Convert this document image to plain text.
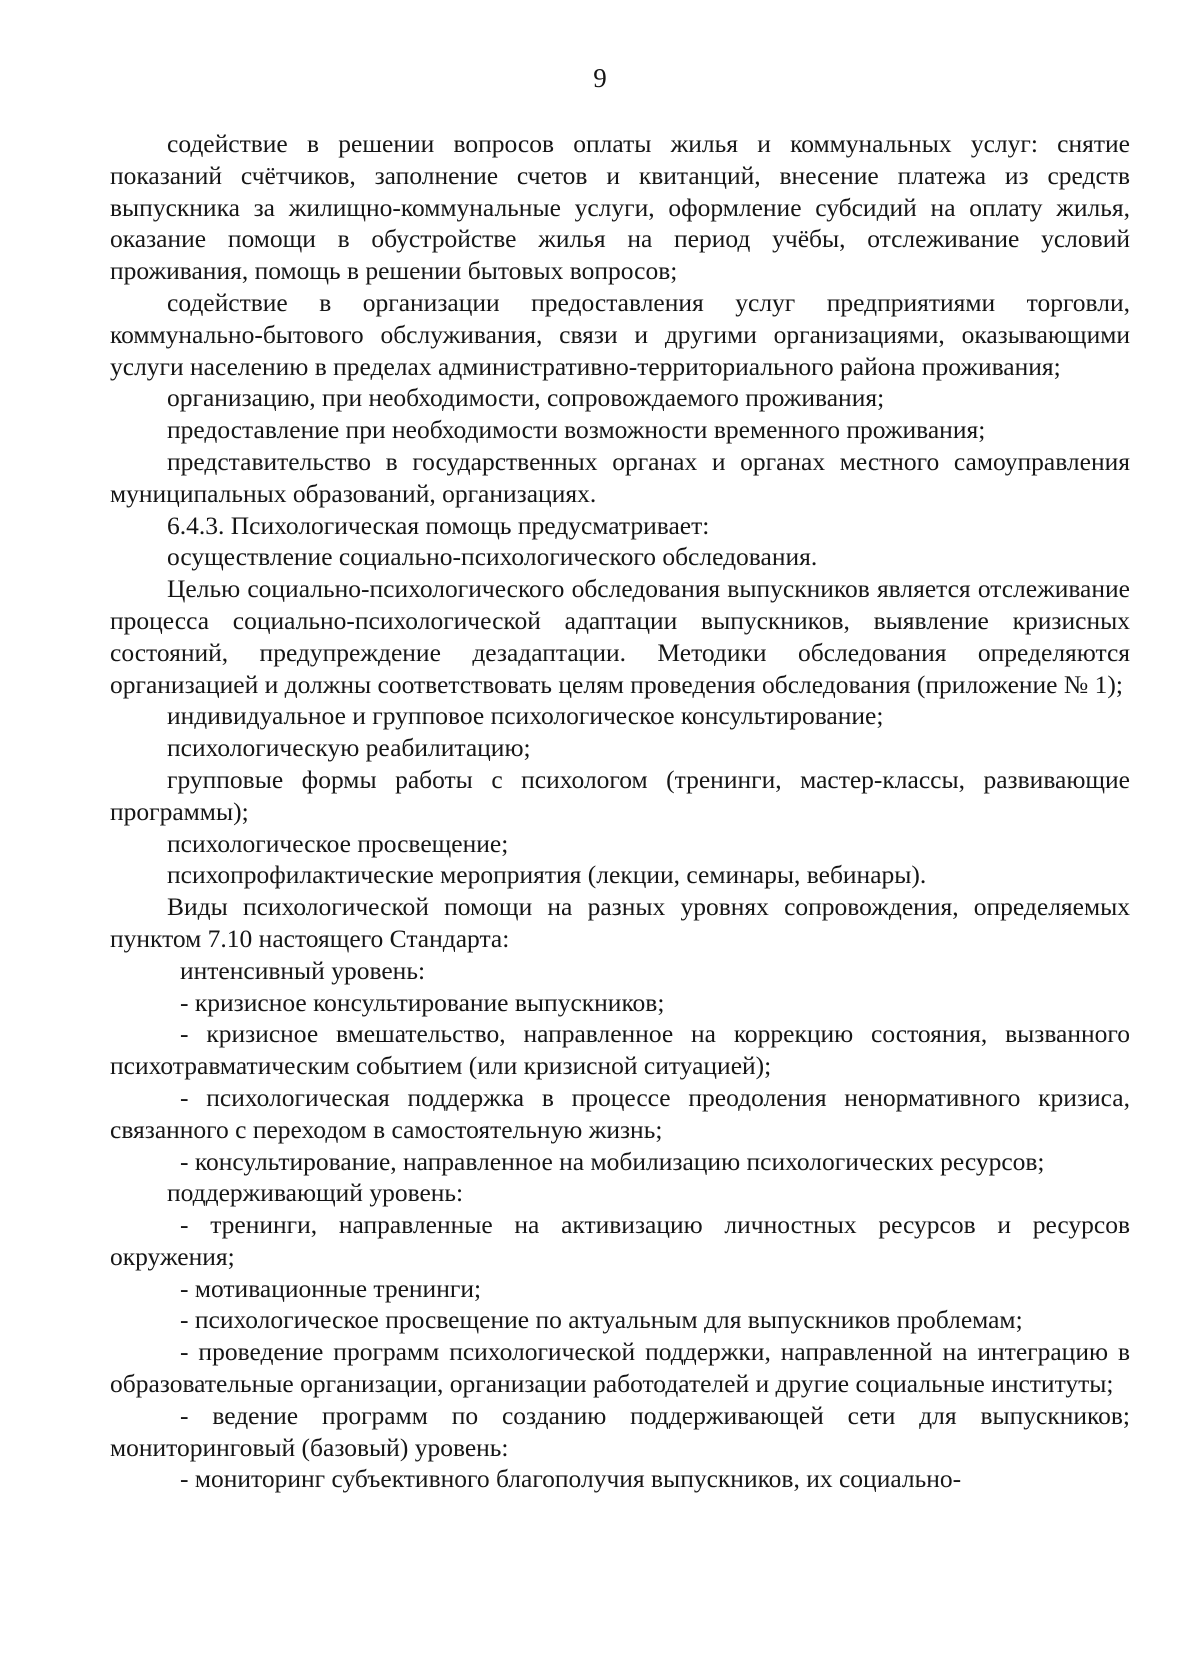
9

содействие в решении вопросов оплаты жилья и коммунальных услуг: снятие показаний счётчиков, заполнение счетов и квитанций, внесение платежа из средств выпускника за жилищно-коммунальные услуги, оформление субсидий на оплату жилья, оказание помощи в обустройстве жилья на период учёбы, отслеживание условий проживания, помощь в решении бытовых вопросов;

содействие в организации предоставления услуг предприятиями торговли, коммунально-бытового обслуживания, связи и другими организациями, оказывающими услуги населению в пределах административно-территориального района проживания;

организацию, при необходимости, сопровождаемого проживания;

предоставление при необходимости возможности временного проживания;

представительство в государственных органах и органах местного самоуправления муниципальных образований, организациях.

6.4.3. Психологическая помощь предусматривает:

осуществление социально-психологического обследования.

Целью социально-психологического обследования выпускников является отслеживание процесса социально-психологической адаптации выпускников, выявление кризисных состояний, предупреждение дезадаптации. Методики обследования определяются организацией и должны соответствовать целям проведения обследования (приложение № 1);

индивидуальное и групповое психологическое консультирование;

психологическую реабилитацию;

групповые формы работы с психологом (тренинги, мастер-классы, развивающие программы);

психологическое просвещение;

психопрофилактические мероприятия (лекции, семинары, вебинары).

Виды психологической помощи на разных уровнях сопровождения, определяемых пунктом 7.10 настоящего Стандарта:

интенсивный уровень:

- кризисное консультирование выпускников;

- кризисное вмешательство, направленное на коррекцию состояния, вызванного психотравматическим событием (или кризисной ситуацией);

- психологическая поддержка в процессе преодоления ненормативного кризиса, связанного с переходом в самостоятельную жизнь;

- консультирование, направленное на мобилизацию психологических ресурсов;

поддерживающий уровень:

- тренинги, направленные на активизацию личностных ресурсов и ресурсов окружения;

- мотивационные тренинги;

- психологическое просвещение по актуальным для выпускников проблемам;

- проведение программ психологической поддержки, направленной на интеграцию в образовательные организации, организации работодателей и другие социальные институты;

- ведение программ по созданию поддерживающей сети для выпускников; мониторинговый (базовый) уровень:

- мониторинг субъективного благополучия выпускников, их социально-
